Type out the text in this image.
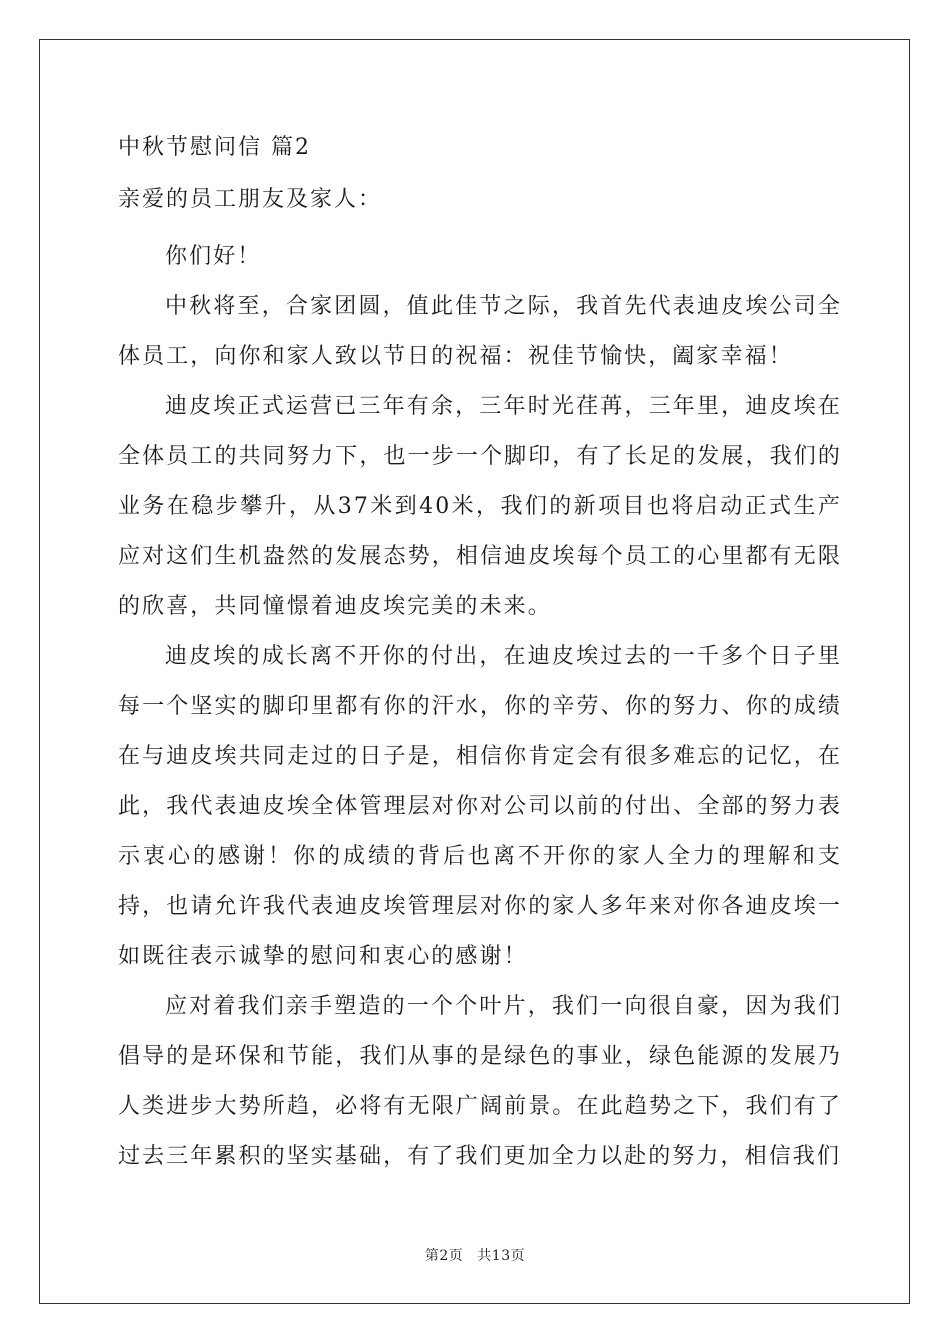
中秋节慰问信 篇2
亲爱的员工朋友及家人：

你们好！

中秋将至，合家团圆，值此佳节之际，我首先代表迪皮埃公司全体员工，向你和家人致以节日的祝福：祝佳节愉快，阖家幸福！

迪皮埃正式运营已三年有余，三年时光荏苒，三年里，迪皮埃在全体员工的共同努力下，也一步一个脚印，有了长足的发展，我们的业务在稳步攀升，从37米到40米，我们的新项目也将启动正式生产应对这们生机盎然的发展态势，相信迪皮埃每个员工的心里都有无限的欣喜，共同憧憬着迪皮埃完美的未来。

迪皮埃的成长离不开你的付出，在迪皮埃过去的一千多个日子里每一个坚实的脚印里都有你的汗水，你的辛劳、你的努力、你的成绩在与迪皮埃共同走过的日子是，相信你肯定会有很多难忘的记忆，在此，我代表迪皮埃全体管理层对你对公司以前的付出、全部的努力表示衷心的感谢！你的成绩的背后也离不开你的家人全力的理解和支持，也请允许我代表迪皮埃管理层对你的家人多年来对你各迪皮埃一如既往表示诚挚的慰问和衷心的感谢！

应对着我们亲手塑造的一个个叶片，我们一向很自豪，因为我们倡导的是环保和节能，我们从事的是绿色的事业，绿色能源的发展乃人类进步大势所趋，必将有无限广阔前景。在此趋势之下，我们有了过去三年累积的坚实基础，有了我们更加全力以赴的努力，相信我们

第2页 共13页
